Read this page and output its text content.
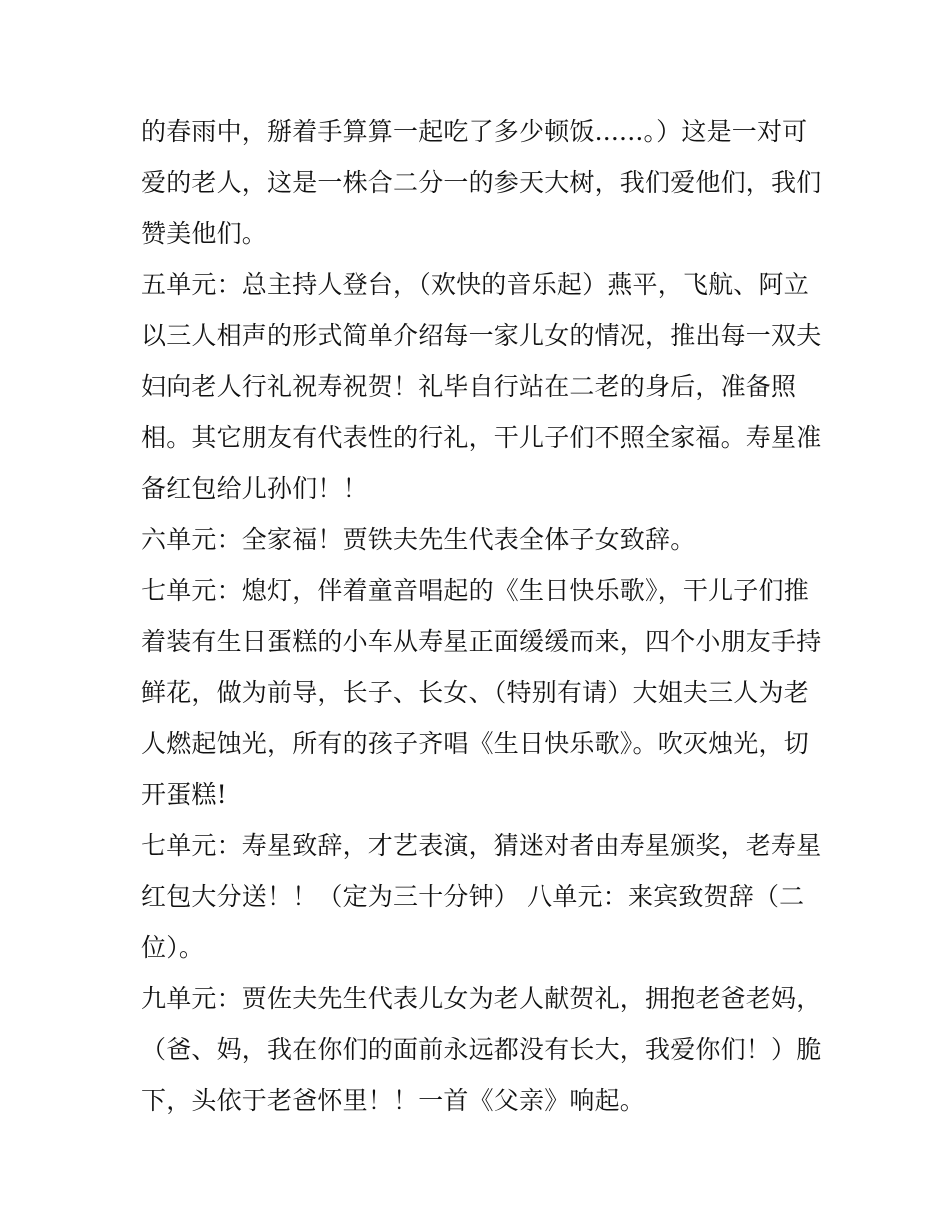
的春雨中，掰着手算算一起吃了多少顿饭......。）这是一对可
爱的老人，这是一株合二分一的参天大树，我们爱他们，我们
赞美他们。
五单元：总主持人登台，（欢快的音乐起）燕平，飞航、阿立
以三人相声的形式简单介绍每一家儿女的情况，推出每一双夫
妇向老人行礼祝寿祝贺！礼毕自行站在二老的身后，准备照
相。其它朋友有代表性的行礼，干儿子们不照全家福。寿星准
备红包给儿孙们！！
六单元：全家福！贾铁夫先生代表全体子女致辞。
七单元：熄灯，伴着童音唱起的《生日快乐歌》，干儿子们推
着装有生日蛋糕的小车从寿星正面缓缓而来，四个小朋友手持
鲜花，做为前导，长子、长女、（特别有请）大姐夫三人为老
人燃起蚀光，所有的孩子齐唱《生日快乐歌》。吹灭烛光，切
开蛋糕!
七单元：寿星致辞，才艺表演，猜迷对者由寿星颁奖，老寿星
红包大分送！！（定为三十分钟） 八单元：来宾致贺辞（二
位）。
九单元：贾佐夫先生代表儿女为老人献贺礼，拥抱老爸老妈，
（爸、妈，我在你们的面前永远都没有长大，我爱你们！）脆
下，头依于老爸怀里！！一首《父亲》响起。
